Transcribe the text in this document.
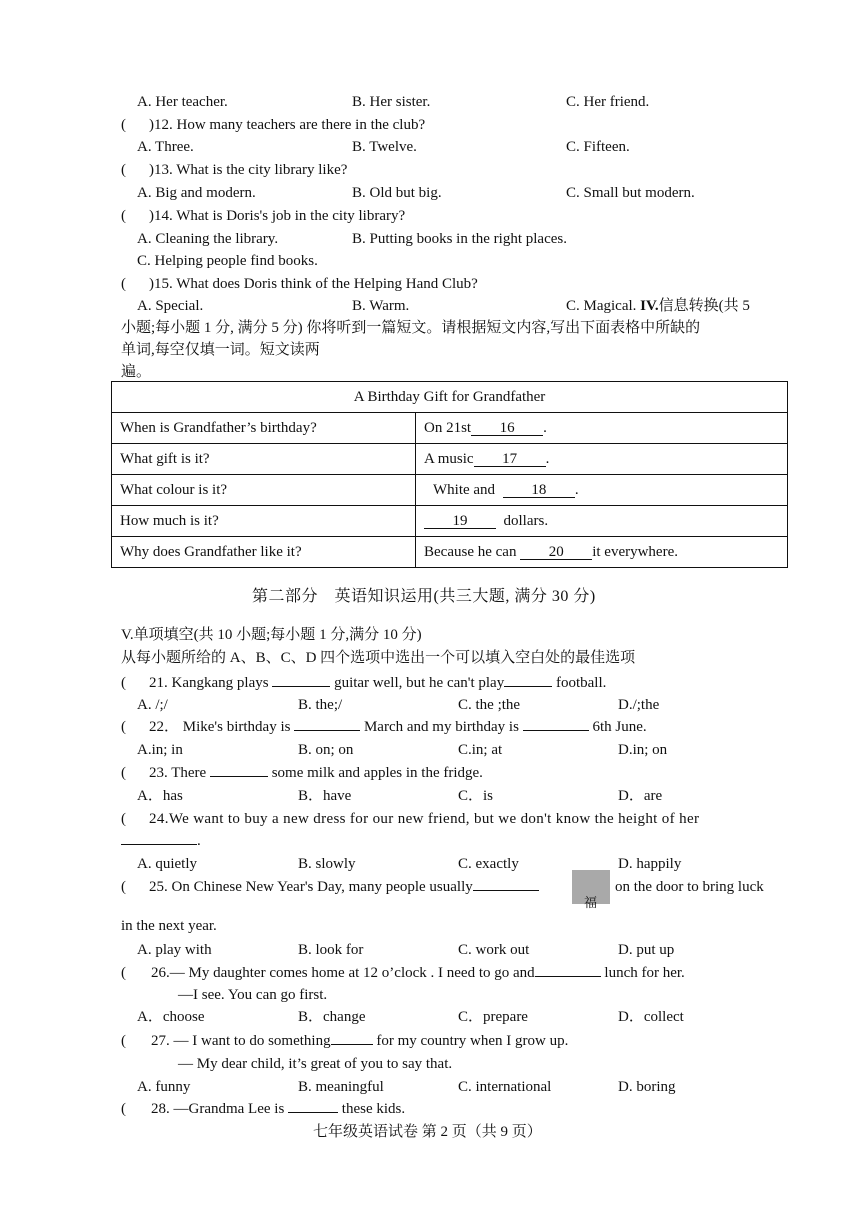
A. Her teacher.	B. Her sister.	C. Her friend.
( )12. How many teachers are there in the club?
A. Three.	B. Twelve.	C. Fifteen.
( )13. What is the city library like?
A. Big and modern.	B. Old but big.	C. Small but modern.
( )14. What is Doris's job in the city library?
A. Cleaning the library.	B. Putting books in the right places.
C. Helping people find books.
( )15. What does Doris think of the Helping Hand Club?
A. Special.	B. Warm.	C. Magical. IV.信息转换(共 5
小题;每小题 1 分, 满分 5 分) 你将听到一篇短文。请根据短文内容,写出下面表格中所缺的
单词,每空仅填一词。短文读两
遍。
A Birthday Gift for Grandfather	
When is Grandfather’s birthday?	On 21st 16 .
What gift is it?	A music 17 .
What colour is it?	White and 18 .
How much is it?	19 dollars.
Why does Grandfather like it?	Because he can 20 it everywhere.
第二部分　英语知识运用(共三大题, 满分 30 分)
V.单项填空(共 10 小题;每小题 1 分,满分 10 分)
从每小题所给的 A、B、C、D 四个选项中选出一个可以填入空白处的最佳选项
( 21. Kangkang plays	guitar well, but he can't play	football.
A. /;/	B. the;/	C. the ;the	D./;the
( 22． Mike's birthday is	March and my birthday is	6th June.
A.in; in	B. on; on	C.in; at	D.in; on
( 23. There	some milk and apples in the fridge.
A．has	B．have	C．is	D．are
( 24.We want to buy a new dress for our new friend, but we don't know the height of her
.
A. quietly	B. slowly	C. exactly	D. happily
( 25. On Chinese New Year's Day, many people usually
福
on the door to bring luck
in the next year.
A. play with	B. look for	C. work out	D. put up
( 26.— My daughter comes home at 12 o’clock . I need to go and	lunch for her.
—I see. You can go first.
A．choose	B．change	C．prepare	D．collect
( 27. — I want to do something	for my country when I grow up.
— My dear child, it’s great of you to say that.
A. funny	B. meaningful	C. international	D. boring
( 28. —Grandma Lee is	these kids.
七年级英语试卷 第 2 页（共 9 页）
